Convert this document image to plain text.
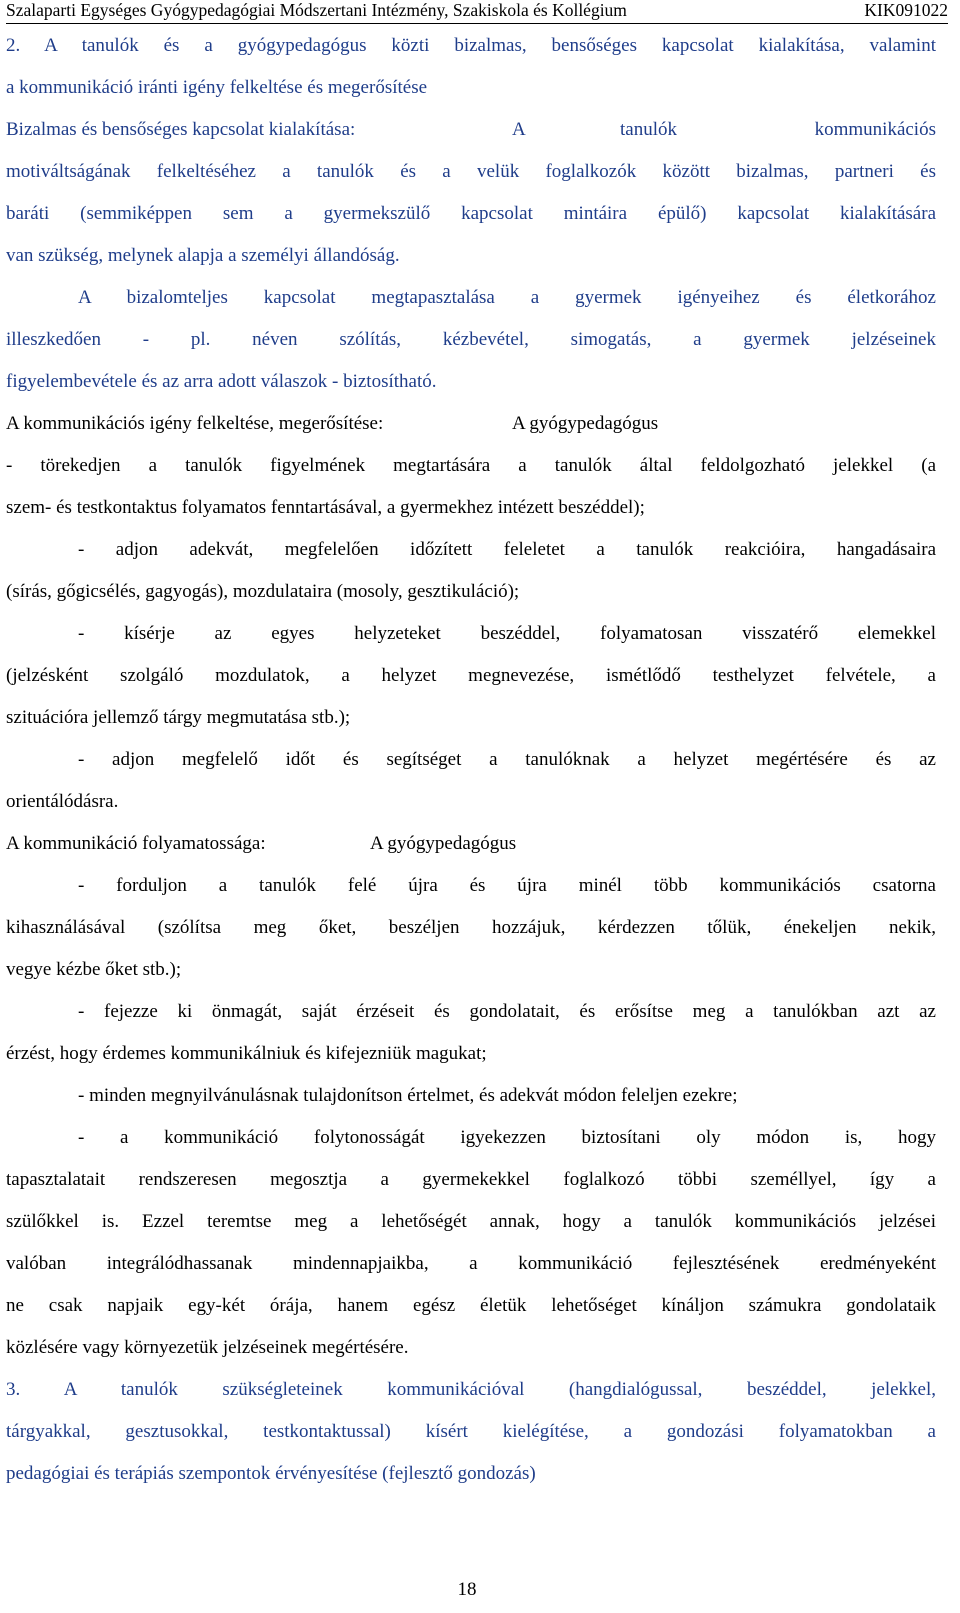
Szalaparti Egységes Gyógypedagógiai Módszertani Intézmény, Szakiskola és Kollégium	KIK091022
2. A tanulók és a gyógypedagógus közti bizalmas, bensőséges kapcsolat kialakítása, valamint
a kommunikáció iránti igény felkeltése és megerősítése
Bizalmas és bensőséges kapcsolat kialakítása:	A	tanulók	kommunikációs
motiváltságának felkeltéséhez a tanulók és a velük foglalkozók között bizalmas, partneri és
baráti (semmiképpen sem a gyermekszülő kapcsolat mintáira épülő) kapcsolat kialakítására
van szükség, melynek alapja a személyi állandóság.
A bizalomteljes kapcsolat megtapasztalása a gyermek igényeihez és életkorához
illeszkedően - pl. néven szólítás, kézbevétel, simogatás, a gyermek jelzéseinek
figyelembevétele és az arra adott válaszok - biztosítható.
A kommunikációs igény felkeltése, megerősítése:	A gyógypedagógus
- törekedjen a tanulók figyelmének megtartására a tanulók által feldolgozható jelekkel (a
szem- és testkontaktus folyamatos fenntartásával, a gyermekhez intézett beszéddel);
- adjon adekvát, megfelelően időzített feleletet a tanulók reakcióira, hangadásaira
(sírás, gőgicsélés, gagyogás), mozdulataira (mosoly, gesztikuláció);
- kísérje az egyes helyzeteket beszéddel, folyamatosan visszatérő elemekkel
(jelzésként szolgáló mozdulatok, a helyzet megnevezése, ismétlődő testhelyzet felvétele, a
szituációra jellemző tárgy megmutatása stb.);
- adjon megfelelő időt és segítséget a tanulóknak a helyzet megértésére és az
orientálódásra.
A kommunikáció folyamatossága:	A gyógypedagógus
- forduljon a tanulók felé újra és újra minél több kommunikációs csatorna
kihasználásával (szólítsa meg őket, beszéljen hozzájuk, kérdezzen tőlük, énekeljen nekik,
vegye kézbe őket stb.);
- fejezze ki önmagát, saját érzéseit és gondolatait, és erősítse meg a tanulókban azt az
érzést, hogy érdemes kommunikálniuk és kifejezniük magukat;
- minden megnyilvánulásnak tulajdonítson értelmet, és adekvát módon feleljen ezekre;
- a kommunikáció folytonosságát igyekezzen biztosítani oly módon is, hogy
tapasztalatait rendszeresen megosztja a gyermekekkel foglalkozó többi személlyel, így a
szülőkkel is. Ezzel teremtse meg a lehetőségét annak, hogy a tanulók kommunikációs jelzései
valóban integrálódhassanak mindennapjaikba, a kommunikáció fejlesztésének eredményeként
ne csak napjaik egy-két órája, hanem egész életük lehetőséget kínáljon számukra gondolataik
közlésére vagy környezetük jelzéseinek megértésére.
3. A tanulók szükségleteinek kommunikációval (hangdialógussal, beszéddel, jelekkel,
tárgyakkal, gesztusokkal, testkontaktussal) kísért kielégítése, a gondozási folyamatokban a
pedagógiai és terápiás szempontok érvényesítése (fejlesztő gondozás)
18
